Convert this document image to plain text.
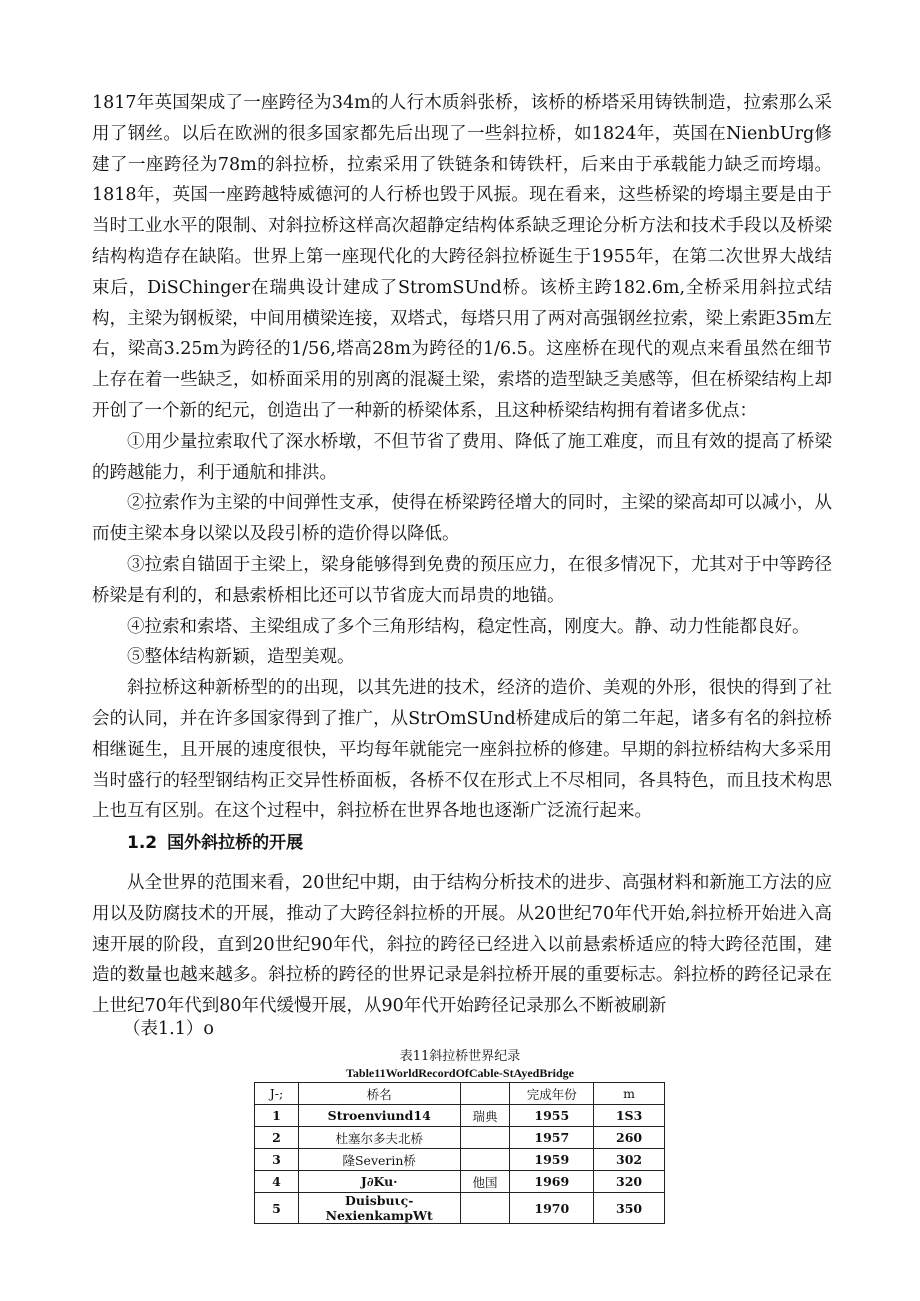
1817年英国架成了一座跨径为34m的人行木质斜张桥，该桥的桥塔采用铸铁制造，拉索那么采用了钢丝。以后在欧洲的很多国家都先后出现了一些斜拉桥，如1824年，英国在NienbUrg修建了一座跨径为78m的斜拉桥，拉索采用了铁链条和铸铁杆，后来由于承载能力缺乏而垮塌。1818年，英国一座跨越特威德河的人行桥也毁于风振。现在看来，这些桥梁的垮塌主要是由于当时工业水平的限制、对斜拉桥这样高次超静定结构体系缺乏理论分析方法和技术手段以及桥梁结构构造存在缺陷。世界上第一座现代化的大跨径斜拉桥诞生于1955年，在第二次世界大战结束后，DiSChinger在瑞典设计建成了StromSUnd桥。该桥主跨182.6m,全桥采用斜拉式结构，主梁为钢板梁，中间用横梁连接，双塔式，每塔只用了两对高强钢丝拉索，梁上索距35m左右，梁高3.25m为跨径的1/56,塔高28m为跨径的1/6.5。这座桥在现代的观点来看虽然在细节上存在着一些缺乏，如桥面采用的别离的混凝土梁，索塔的造型缺乏美感等，但在桥梁结构上却开创了一个新的纪元，创造出了一种新的桥梁体系，且这种桥梁结构拥有着诸多优点：

①用少量拉索取代了深水桥墩，不但节省了费用、降低了施工难度，而且有效的提高了桥梁的跨越能力，利于通航和排洪。

②拉索作为主梁的中间弹性支承，使得在桥梁跨径增大的同时，主梁的梁高却可以减小，从而使主梁本身以梁以及段引桥的造价得以降低。

③拉索自锚固于主梁上，梁身能够得到免费的预压应力，在很多情况下，尤其对于中等跨径桥梁是有利的，和悬索桥相比还可以节省庞大而昂贵的地锚。

④拉索和索塔、主梁组成了多个三角形结构，稳定性高，刚度大。静、动力性能都良好。

⑤整体结构新颖，造型美观。

斜拉桥这种新桥型的的出现，以其先进的技术，经济的造价、美观的外形，很快的得到了社会的认同，并在许多国家得到了推广，从StrOmSUnd桥建成后的第二年起，诸多有名的斜拉桥相继诞生，且开展的速度很快，平均每年就能完一座斜拉桥的修建。早期的斜拉桥结构大多采用当时盛行的轻型钢结构正交异性桥面板，各桥不仅在形式上不尽相同，各具特色，而且技术构思上也互有区别。在这个过程中，斜拉桥在世界各地也逐渐广泛流行起来。

1.2 国外斜拉桥的开展

从全世界的范围来看，20世纪中期，由于结构分析技术的进步、高强材料和新施工方法的应用以及防腐技术的开展，推动了大跨径斜拉桥的开展。从20世纪70年代开始,斜拉桥开始进入高速开展的阶段，直到20世纪90年代，斜拉的跨径已经进入以前悬索桥适应的特大跨径范围，建造的数量也越来越多。斜拉桥的跨径的世界记录是斜拉桥开展的重要标志。斜拉桥的跨径记录在上世纪70年代到80年代缓慢开展，从90年代开始跨径记录那么不断被刷新

（表1.1）o

表11斜拉桥世界纪录

Table11WorldRecordOfCable-StAyedBridge

J-;	桥名		完成年份	m
1	Stroenviund14	瑞典	1955	1S3
2	杜塞尔多夫北桥		1957	260
3	隆Severin桥		1959	302
4	J∂Ku·	他国	1969	320
5	Duisbuις-NexienkampWt		1970	350
